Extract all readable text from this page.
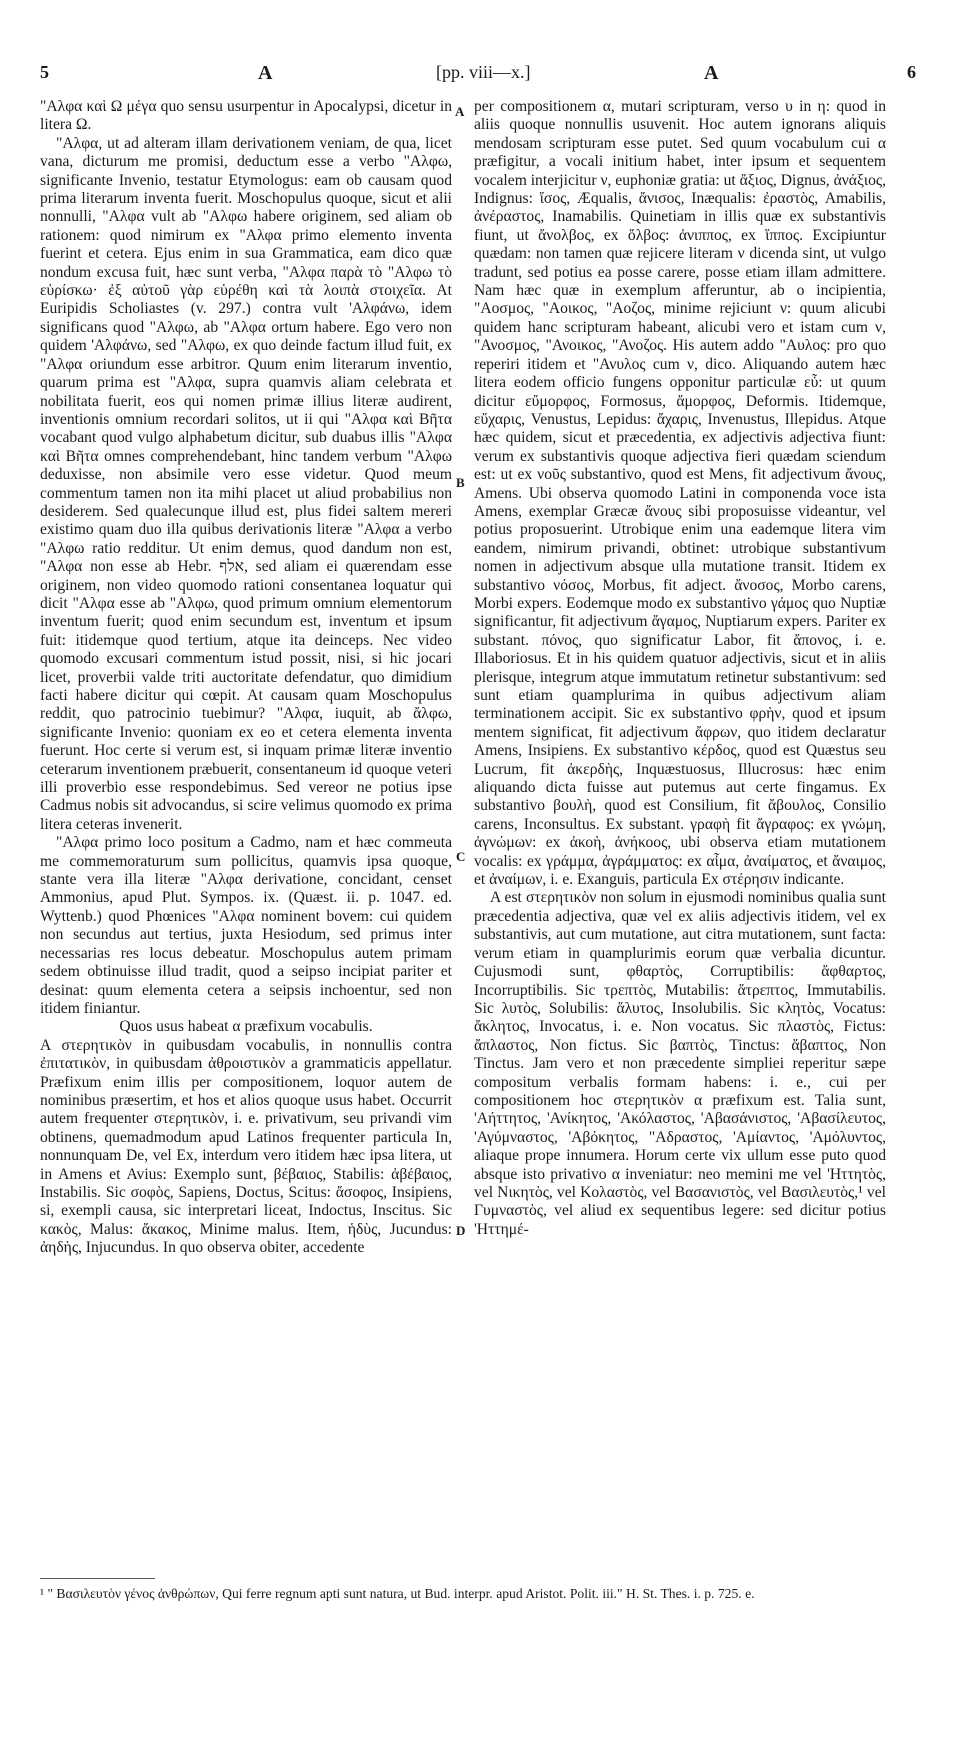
5	A	[pp. viii—x.]	A	6

"Αλφα καὶ Ω μέγα quo sensu usurpentur in Apocalypsi, dicetur in litera Ω.

"Αλφα, ut ad alteram illam derivationem veniam, de qua, licet vana, dicturum me promisi, deductum esse a verbo "Αλφω, significante Invenio, testatur Etymologus: eam ob causam quod prima literarum inventa fuerit. Moschopulus quoque, sicut et alii nonnulli, "Αλφα vult ab "Αλφω habere originem, sed aliam ob rationem: quod nimirum ex "Αλφα primo elemento inventa fuerint et cetera. Ejus enim in sua Grammatica, eam dico quæ nondum excusa fuit, hæc sunt verba, "Αλφα παρὰ τὸ "Αλφω τὸ εὑρίσκω· ἐξ αὐτοῦ γὰρ εὑρέθη καὶ τὰ λοιπὰ στοιχεῖα. At Euripidis Scholiastes (v. 297.) contra vult 'Αλφάνω, idem significans quod "Αλφω, ab "Αλφα ortum habere. Ego vero non quidem 'Αλφάνω, sed "Αλφω, ex quo deinde factum illud fuit, ex "Αλφα oriundum esse arbitror. Quum enim literarum inventio, quarum prima est "Αλφα, supra quamvis aliam celebrata et nobilitata fuerit, eos qui nomen primæ illius literæ audirent, inventionis omnium recordari solitos, ut ii qui "Αλφα καὶ Βῆτα vocabant quod vulgo alphabetum dicitur, sub duabus illis "Αλφα καὶ Βῆτα omnes comprehendebant, hinc tandem verbum "Αλφω deduxisse, non absimile vero esse videtur. Quod meum commentum tamen non ita mihi placet ut aliud probabilius non desiderem. Sed qualecunque illud est, plus fidei saltem mereri existimo quam duo illa quibus derivationis literæ "Αλφα a verbo "Αλφω ratio redditur. Ut enim demus, quod dandum non est, "Αλφα non esse ab Hebr. אלף, sed aliam ei quærendam esse originem, non video quomodo rationi consentanea loquatur qui dicit "Αλφα esse ab "Αλφω, quod primum omnium elementorum inventum fuerit; quod enim secundum est, inventum et ipsum fuit: itidemque quod tertium, atque ita deinceps. Nec video quomodo excusari commentum istud possit, nisi, si hic jocari licet, proverbii valde triti auctoritate defendatur, quo dimidium facti habere dicitur qui cœpit. At causam quam Moschopulus reddit, quo patrocinio tuebimur? "Αλφα, iuquit, ab ἄλφω, significante Invenio: quoniam ex eo et cetera elementa inventa fuerunt. Hoc certe si verum est, si inquam primæ literæ inventio ceterarum inventionem præbuerit, consentaneum id quoque veteri illi proverbio esse respondebimus. Sed vereor ne potius ipse Cadmus nobis sit advocandus, si scire velimus quomodo ex prima litera ceteras invenerit.

"Αλφα primo loco positum a Cadmo, nam et hæc commeuta me commemoraturum sum pollicitus, quamvis ipsa quoque, stante vera illa literæ "Αλφα derivatione, concidant, censet Ammonius, apud Plut. Sympos. ix. (Quæst. ii. p. 1047. ed. Wyttenb.) quod Phœnices "Αλφα nominent bovem: cui quidem non secundus aut tertius, juxta Hesiodum, sed primus inter necessarias res locus debeatur. Moschopulus autem primam sedem obtinuisse illud tradit, quod a seipso incipiat pariter et desinat: quum elementa cetera a seipsis inchoentur, sed non itidem finiantur.

Quos usus habeat α præfixum vocabulis.

A στερητικὸν in quibusdam vocabulis, in nonnullis contra ἐπιτατικὸν, in quibusdam ἀθροιστικὸν a grammaticis appellatur. Præfixum enim illis per compositionem, loquor autem de nominibus præsertim, et hos et alios quoque usus habet. Occurrit autem frequenter στερητικὸν, i. e. privativum, seu privandi vim obtinens, quemadmodum apud Latinos frequenter particula In, nonnunquam De, vel Ex, interdum vero itidem hæc ipsa litera, ut in Amens et Avius: Exemplo sunt, βέβαιος, Stabilis: ἀβέβαιος, Instabilis. Sic σοφὸς, Sapiens, Doctus, Scitus: ἄσοφος, Insipiens, si, exempli causa, sic interpretari liceat, Indoctus, Inscitus. Sic κακὸς, Malus: ἄκακος, Minime malus. Item, ἡδὺς, Jucundus: ἀηδὴς, Injucundus. In quo observa obiter, accedente

A
B
C
D

per compositionem α, mutari scripturam, verso υ in η: quod in aliis quoque nonnullis usuvenit. Hoc autem ignorans aliquis mendosam scripturam esse putet. Sed quum vocabulum cui α præfigitur, a vocali initium habet, inter ipsum et sequentem vocalem interjicitur ν, euphoniæ gratia: ut ἄξιος, Dignus, ἀνάξιος, Indignus: ἴσος, Æqualis, ἄνισος, Inæqualis: ἐραστὸς, Amabilis, ἀνέραστος, Inamabilis. Quinetiam in illis quæ ex substantivis fiunt, ut ἄνολβος, ex ὄλβος: ἀνιππος, ex ἵππος. Excipiuntur quædam: non tamen quæ rejicere literam ν dicenda sint, ut vulgo tradunt, sed potius ea posse carere, posse etiam illam admittere. Nam hæc quæ in exemplum afferuntur, ab ο incipientia, "Αοσμος, "Αοικος, "Αοζος, minime rejiciunt ν: quum alicubi quidem hanc scripturam habeant, alicubi vero et istam cum ν, "Ανοσμος, "Ανοικος, "Ανοζος. His autem addo "Αυλος: pro quo reperiri itidem et "Ανυλος cum ν, dico. Aliquando autem hæc litera eodem officio fungens opponitur particulæ εὖ: ut quum dicitur εὔμορφος, Formosus, ἄμορφος, Deformis. Itidemque, εὔχαρις, Venustus, Lepidus: ἄχαρις, Invenustus, Illepidus. Atque hæc quidem, sicut et præcedentia, ex adjectivis adjectiva fiunt: verum ex substantivis quoque adjectiva fieri quædam sciendum est: ut ex νοῦς substantivo, quod est Mens, fit adjectivum ἄνους, Amens. Ubi observa quomodo Latini in componenda voce ista Amens, exemplar Græcæ ἄνους sibi proposuisse videantur, vel potius proposuerint. Utrobique enim una eademque litera vim eandem, nimirum privandi, obtinet: utrobique substantivum nomen in adjectivum absque ulla mutatione transit. Itidem ex substantivo νόσος, Morbus, fit adject. ἄνοσος, Morbo carens, Morbi expers. Eodemque modo ex substantivo γάμος quo Nuptiæ significantur, fit adjectivum ἄγαμος, Nuptiarum expers. Pariter ex substant. πόνος, quo significatur Labor, fit ἄπονος, i. e. Illaboriosus. Et in his quidem quatuor adjectivis, sicut et in aliis plerisque, integrum atque immutatum retinetur substantivum: sed sunt etiam quamplurima in quibus adjectivum aliam terminationem accipit. Sic ex substantivo φρὴν, quod et ipsum mentem significat, fit adjectivum ἄφρων, quo itidem declaratur Amens, Insipiens. Ex substantivo κέρδος, quod est Quæstus seu Lucrum, fit ἀκερδὴς, Inquæstuosus, Illucrosus: hæc enim aliquando dicta fuisse aut putemus aut certe fingamus. Ex substantivo βουλὴ, quod est Consilium, fit ἄβουλος, Consilio carens, Inconsultus. Ex substant. γραφὴ fit ἄγραφος: ex γνώμη, ἀγνώμων: ex ἀκοὴ, ἀνήκοος, ubi observa etiam mutationem vocalis: ex γράμμα, ἀγράμματος: ex αἷμα, ἀναίματος, et ἄναιμος, et ἀναίμων, i. e. Exanguis, particula Ex στέρησιν indicante.

A est στερητικὸν non solum in ejusmodi nominibus qualia sunt præcedentia adjectiva, quæ vel ex aliis adjectivis itidem, vel ex substantivis, aut cum mutatione, aut citra mutationem, sunt facta: verum etiam in quamplurimis eorum quæ verbalia dicuntur. Cujusmodi sunt, φθαρτὸς, Corruptibilis: ἄφθαρτος, Incorruptibilis. Sic τρεπτὸς, Mutabilis: ἄτρεπτος, Immutabilis. Sic λυτὸς, Solubilis: ἄλυτος, Insolubilis. Sic κλητὸς, Vocatus: ἄκλητος, Invocatus, i. e. Non vocatus. Sic πλαστὸς, Fictus: ἄπλαστος, Non fictus. Sic βαπτὸς, Tinctus: ἄβαπτος, Non Tinctus. Jam vero et non præcedente simpliei reperitur sæpe compositum verbalis formam habens: i. e., cui per compositionem hoc στερητικὸν α præfixum est. Talia sunt, 'Αήττητος, 'Ανίκητος, 'Ακόλαστος, 'Αβασάνιστος, 'Αβασίλευτος, 'Αγύμναστος, 'Αβόκητος, "Αδραστος, 'Αμίαντος, 'Αμόλυντος, aliaque prope innumera. Horum certe vix ullum esse puto quod absque isto privativo α inveniatur: neo memini me vel 'Ηττητὸς, vel Νικητὸς, vel Κολαστὸς, vel Βασανιστὸς, vel Βασιλευτὸς,¹ vel Γυμναστὸς, vel aliud ex sequentibus legere: sed dicitur potius 'Ηττημέ-

¹ " Βασιλευτὸν γένος ἀνθρώπων, Qui ferre regnum apti sunt natura, ut Bud. interpr. apud Aristot. Polit. iii." H. St. Thes. i. p. 725. e.
